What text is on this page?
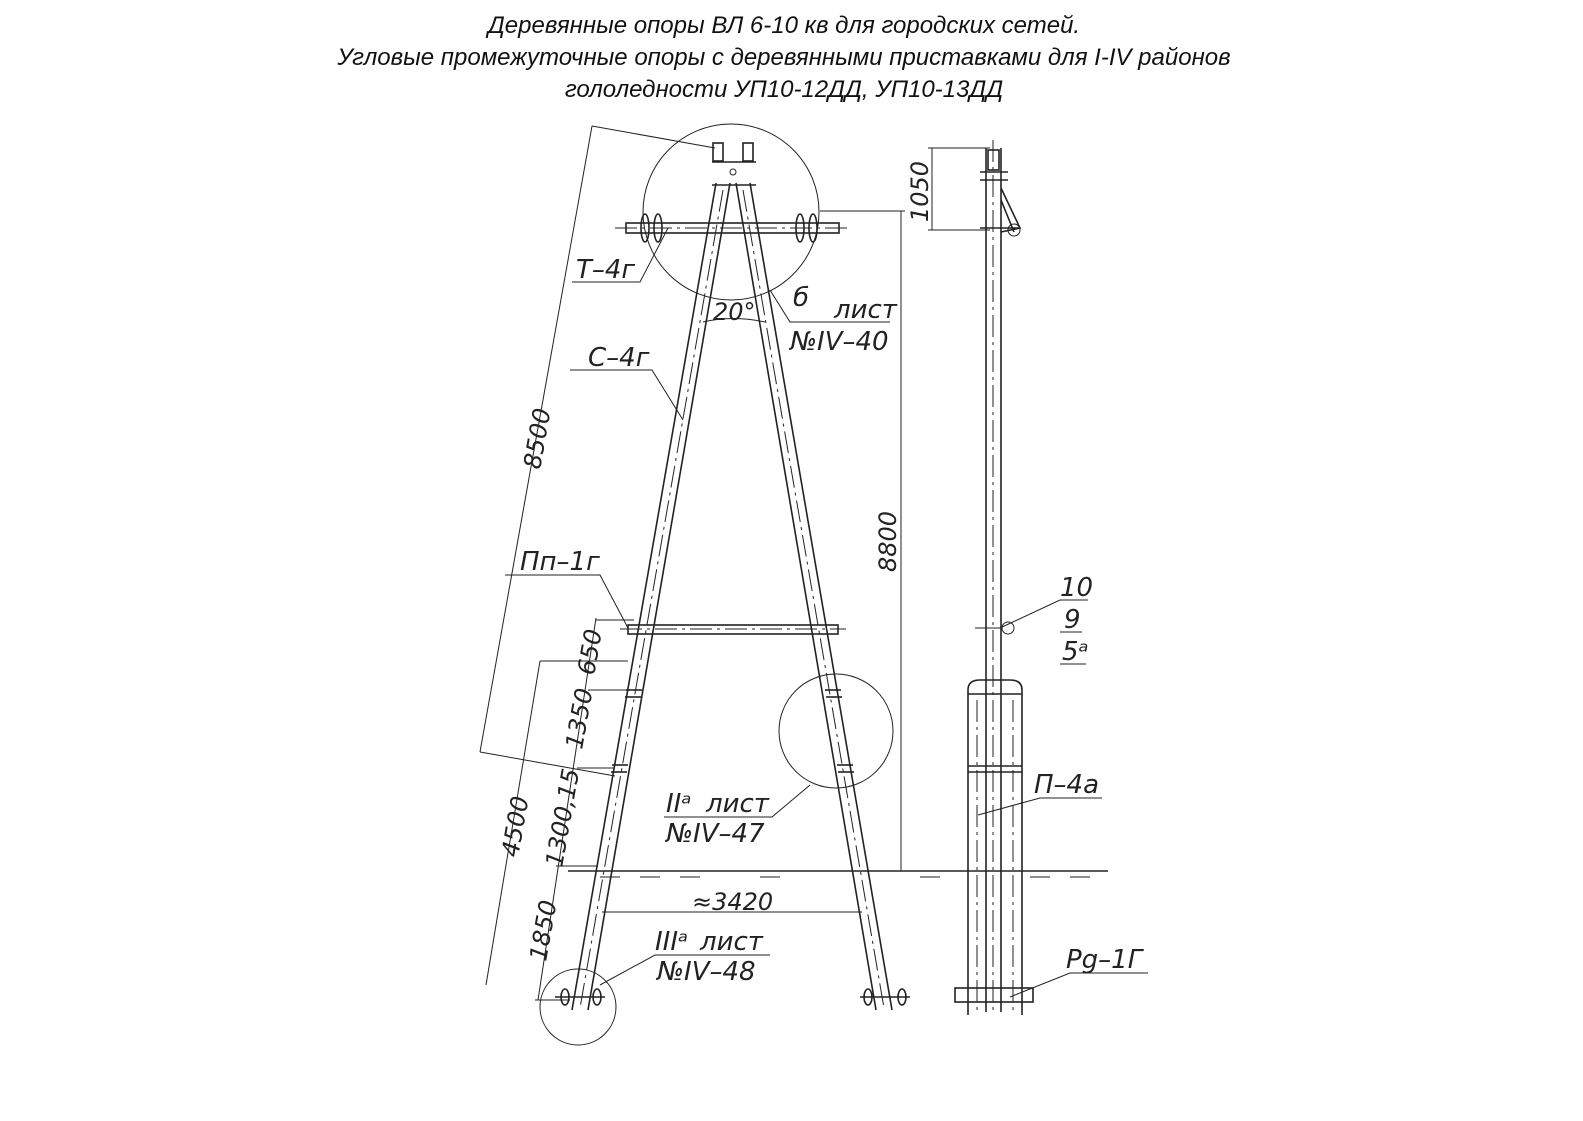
Деревянные опоры ВЛ 6-10 кв для городских сетей.
Угловые промежуточные опоры с деревянными приставками для I-IV районов
гололедности УП10-12ДД, УП10-13ДД
Т–4г
С–4г
Пп–1г
б лист
№IV–40
IIᵃ лист
№IV–47
IIIᵃ лист
№IV–48
10
9
5ᵃ
П–4а
Рg–1Г
8500
8800
1050
650
1350
1300,15
4500
1850	≈3420
20°
